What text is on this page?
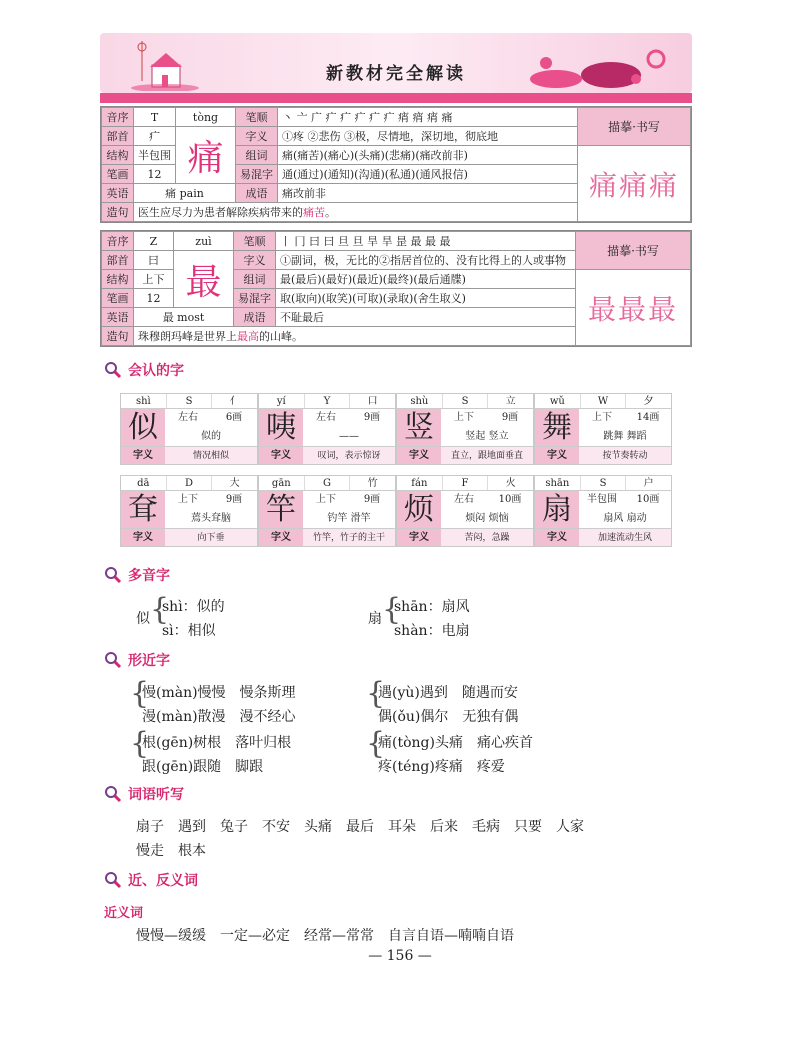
新教材完全解读
音序	T	tòng	笔顺	丶 亠 广 疒 疒 疒 疒 疒 痟 痟 痟 痛	描摹·书写
部首	疒	痛	字义	①疼 ②悲伤 ③极，尽情地，深切地，彻底地	
结构	半包围		组词	痛(痛苦)(痛心)(头痛)(悲痛)(痛改前非)	痛痛痛
笔画	12		易混字	通(通过)(通知)(沟通)(私通)(通风报信)	
英语	痛 pain		成语	痛改前非	
造句	医生应尽力为患者解除疾病带来的痛苦。				
音序	Z	zuì	笔顺	丨 冂 曰 曰 旦 旦 旱 旱 昰 最 最 最	描摹·书写
部首	曰	最	字义	①副词，极，无比的②指居首位的、没有比得上的人或事物	
结构	上下		组词	最(最后)(最好)(最近)(最终)(最后通牒)	最最最
笔画	12		易混字	取(取向)(取笑)(可取)(录取)(舍生取义)	
英语	最 most		成语	不耻最后	
造句	珠穆朗玛峰是世界上最高的山峰。				
会认的字
shì	S	亻
似	左右	6画
似的
字义	情况相似
yí	Y	口
咦	左右	9画
——
字义	叹词，表示惊讶
shù	S	立
竖	上下	9画
竖起 竖立
字义	直立，跟地面垂直
wǔ	W	夕
舞	上下	14画
跳舞 舞蹈
字义	按节奏转动
dā	D	大
耷	上下	9画
蔫头耷脑
字义	向下垂
gān	G	竹
竿	上下	9画
钓竿 滑竿
字义	竹竿，竹子的主干
fán	F	火
烦	左右	10画
烦闷 烦恼
字义	苦闷，急躁
shān	S	户
扇	半包围	10画
扇风 扇动
字义	加速流动生风
多音字
似 {
shì：似的
sì：相似
扇 {
shān：扇风
shàn：电扇
形近字
{
慢(màn)慢慢　慢条斯理
漫(màn)散漫　漫不经心
{
根(gēn)树根　落叶归根
跟(gēn)跟随　脚跟
{
遇(yù)遇到　随遇而安
偶(ǒu)偶尔　无独有偶
{
痛(tòng)头痛　痛心疾首
疼(téng)疼痛　疼爱
词语听写
扇子　遇到　兔子　不安　头痛　最后　耳朵　后来　毛病　只要　人家
慢走　根本
近、反义词
近义词
慢慢—缓缓　一定—必定　经常—常常　自言自语—喃喃自语
— 156 —
